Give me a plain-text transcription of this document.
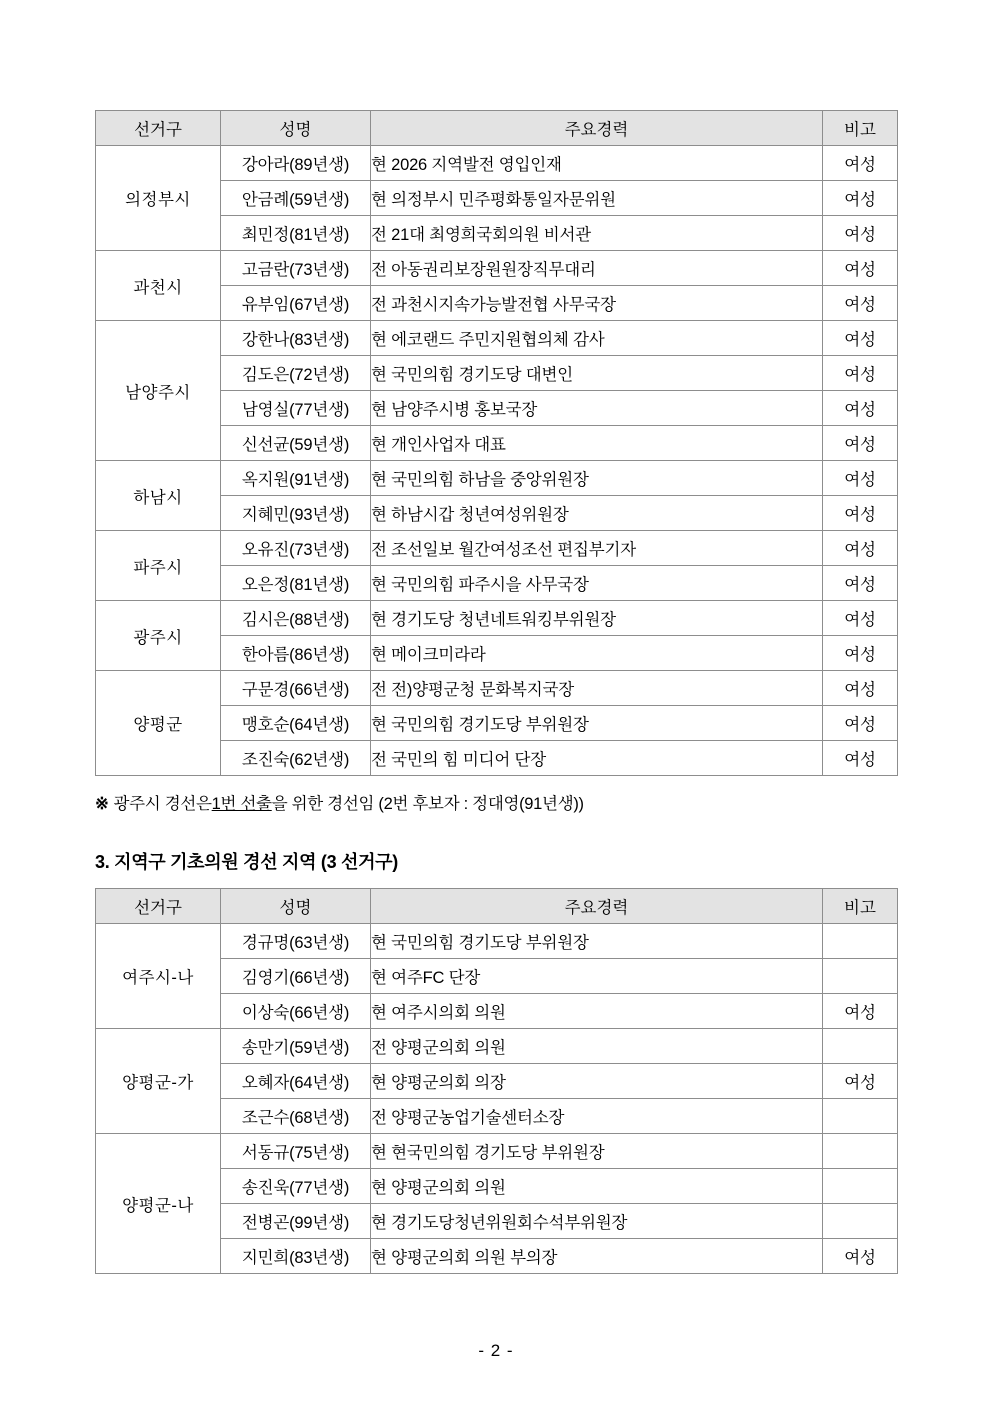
선거구	성명	주요경력	비고
의정부시	강아라(89년생)	현 2026 지역발전 영입인재	여성
	안금례(59년생)	현 의정부시 민주평화통일자문위원	여성
	최민정(81년생)	전 21대 최영희국회의원 비서관	여성
과천시	고금란(73년생)	전 아동권리보장원원장직무대리	여성
	유부임(67년생)	전 과천시지속가능발전협 사무국장	여성
남양주시	강한나(83년생)	현 에코랜드 주민지원협의체 감사	여성
	김도은(72년생)	현 국민의힘 경기도당 대변인	여성
	남영실(77년생)	현 남양주시병 홍보국장	여성
	신선균(59년생)	현 개인사업자 대표	여성
하남시	옥지원(91년생)	현 국민의힘 하남을 중앙위원장	여성
	지혜민(93년생)	현 하남시갑 청년여성위원장	여성
파주시	오유진(73년생)	전 조선일보 월간여성조선 편집부기자	여성
	오은정(81년생)	현 국민의힘 파주시을 사무국장	여성
광주시	김시은(88년생)	현 경기도당 청년네트워킹부위원장	여성
	한아름(86년생)	현 메이크미라라	여성
양평군	구문경(66년생)	전 전)양평군청 문화복지국장	여성
	맹호순(64년생)	현 국민의힘 경기도당 부위원장	여성
	조진숙(62년생)	전 국민의 힘 미디어 단장	여성
※ 광주시 경선은1번 선출을 위한 경선임 (2번 후보자 : 정대영(91년생))
3. 지역구 기초의원 경선 지역 (3 선거구)
선거구	성명	주요경력	비고
여주시-나	경규명(63년생)	현 국민의힘 경기도당 부위원장	
	김영기(66년생)	현 여주FC 단장	
	이상숙(66년생)	현 여주시의회 의원	여성
양평군-가	송만기(59년생)	전 양평군의회 의원	
	오혜자(64년생)	현 양평군의회 의장	여성
	조근수(68년생)	전 양평군농업기술센터소장	
양평군-나	서동규(75년생)	현 현국민의힘 경기도당 부위원장	
	송진욱(77년생)	현 양평군의회 의원	
	전병곤(99년생)	현 경기도당청년위원회수석부위원장	
	지민희(83년생)	현 양평군의회 의원 부의장	여성
- 2 -
